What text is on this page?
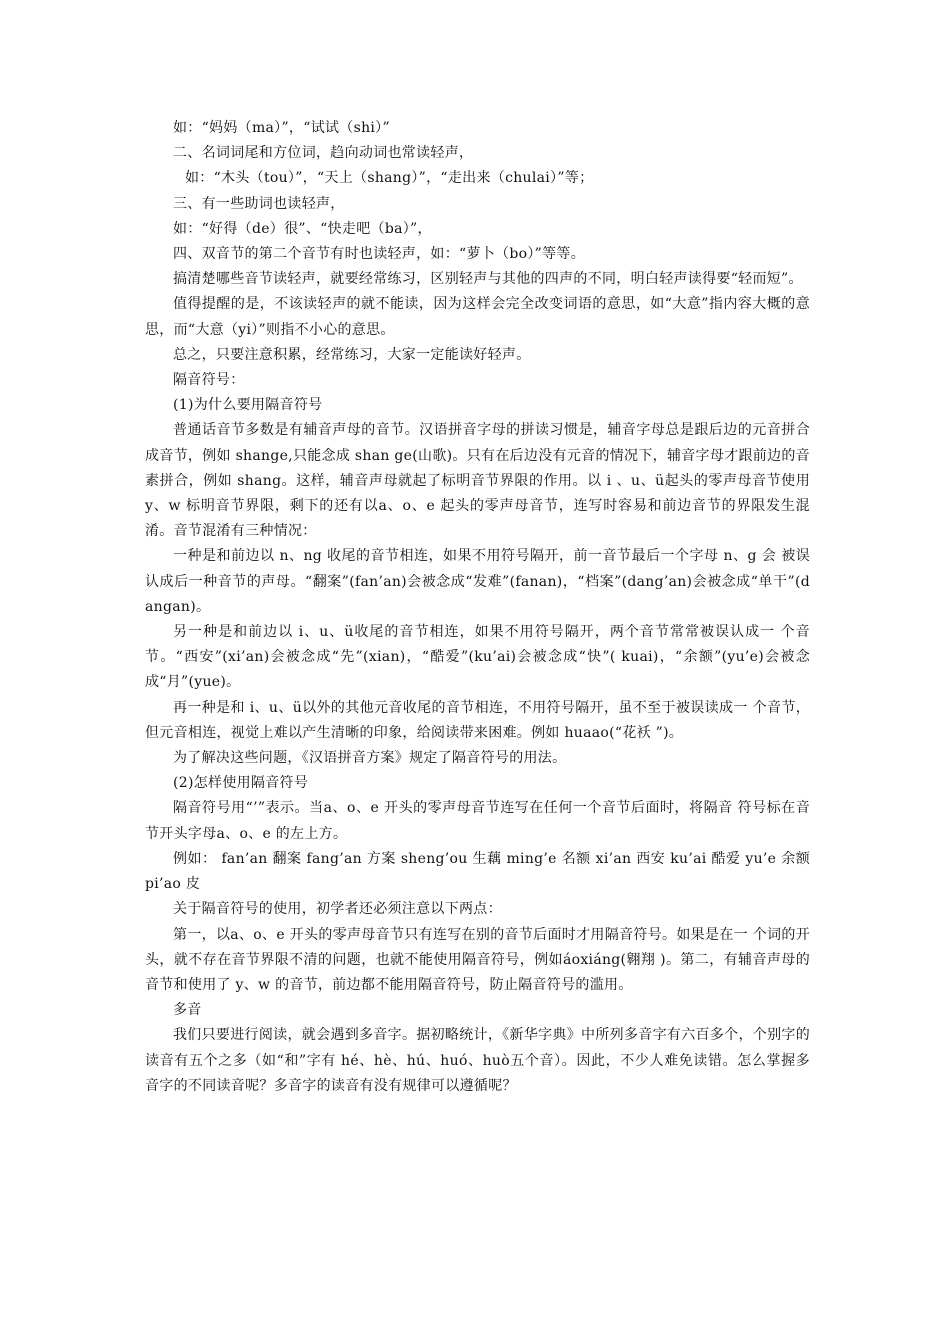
如：“妈妈（ma）”，“试试（shi）”

二、名词词尾和方位词，趋向动词也常读轻声，

如：“木头（tou）”，“天上（shang）”，“走出来（chulai）”等；

三、有一些助词也读轻声，

如：“好得（de）很”、“快走吧（ba）”，

四、双音节的第二个音节有时也读轻声，如：“萝卜（bo）”等等。

搞清楚哪些音节读轻声，就要经常练习，区别轻声与其他的四声的不同，明白轻声读得要“轻而短”。

值得提醒的是，不该读轻声的就不能读，因为这样会完全改变词语的意思，如“大意”指内容大概的意思，而“大意（yi）”则指不小心的意思。

总之，只要注意积累，经常练习，大家一定能读好轻声。

隔音符号：

(1)为什么要用隔音符号

普通话音节多数是有辅音声母的音节。汉语拼音字母的拼读习惯是，辅音字母总是跟后边的元音拼合成音节，例如 shange,只能念成 shan ge(山歌)。只有在后边没有元音的情况下，辅音字母才跟前边的音素拼合，例如 shang。这样，辅音声母就起了标明音节界限的作用。以 i 、u、ü起头的零声母音节使用 y、w 标明音节界限，剩下的还有以a、o、e 起头的零声母音节，连写时容易和前边音节的界限发生混淆。音节混淆有三种情况：

一种是和前边以 n、ng 收尾的音节相连，如果不用符号隔开，前一音节最后一个字母 n、g 会 被误认成后一种音节的声母。“翻案”(fan’an)会被念成“发难”(fanan)，“档案”(dang’an)会被念成“单干”(dangan)。

另一种是和前边以 i、u、ü收尾的音节相连，如果不用符号隔开，两个音节常常被误认成一 个音节。“西安”(xi’an)会被念成“先”(xian)，“酷爱”(ku’ai)会被念成“快”( kuai)，“余额”(yu’e)会被念成“月”(yue)。

再一种是和 i、u、ü以外的其他元音收尾的音节相连，不用符号隔开，虽不至于被误读成一 个音节，但元音相连，视觉上难以产生清晰的印象，给阅读带来困难。例如 huaao(“花袄 ”)。

为了解决这些问题，《汉语拼音方案》规定了隔音符号的用法。

(2)怎样使用隔音符号

隔音符号用“’”表示。当a、o、e 开头的零声母音节连写在任何一个音节后面时，将隔音 符号标在音节开头字母a、o、e 的左上方。

例如： fan’an 翻案 fang’an 方案 sheng’ou 生藕 ming’e 名额 xi’an 西安 ku’ai 酷爱 yu’e 余额 pi’ao 皮

关于隔音符号的使用，初学者还必须注意以下两点：

第一，以a、o、e 开头的零声母音节只有连写在别的音节后面时才用隔音符号。如果是在一 个词的开头，就不存在音节界限不清的问题，也就不能使用隔音符号，例如áoxiáng(翱翔 )。第二，有辅音声母的音节和使用了 y、w 的音节，前边都不能用隔音符号，防止隔音符号的滥用。

多音

我们只要进行阅读，就会遇到多音字。据初略统计，《新华字典》中所列多音字有六百多个，个别字的读音有五个之多（如“和”字有 hé、hè、hú、huó、huò五个音）。因此，不少人难免读错。怎么掌握多音字的不同读音呢？多音字的读音有没有规律可以遵循呢？
